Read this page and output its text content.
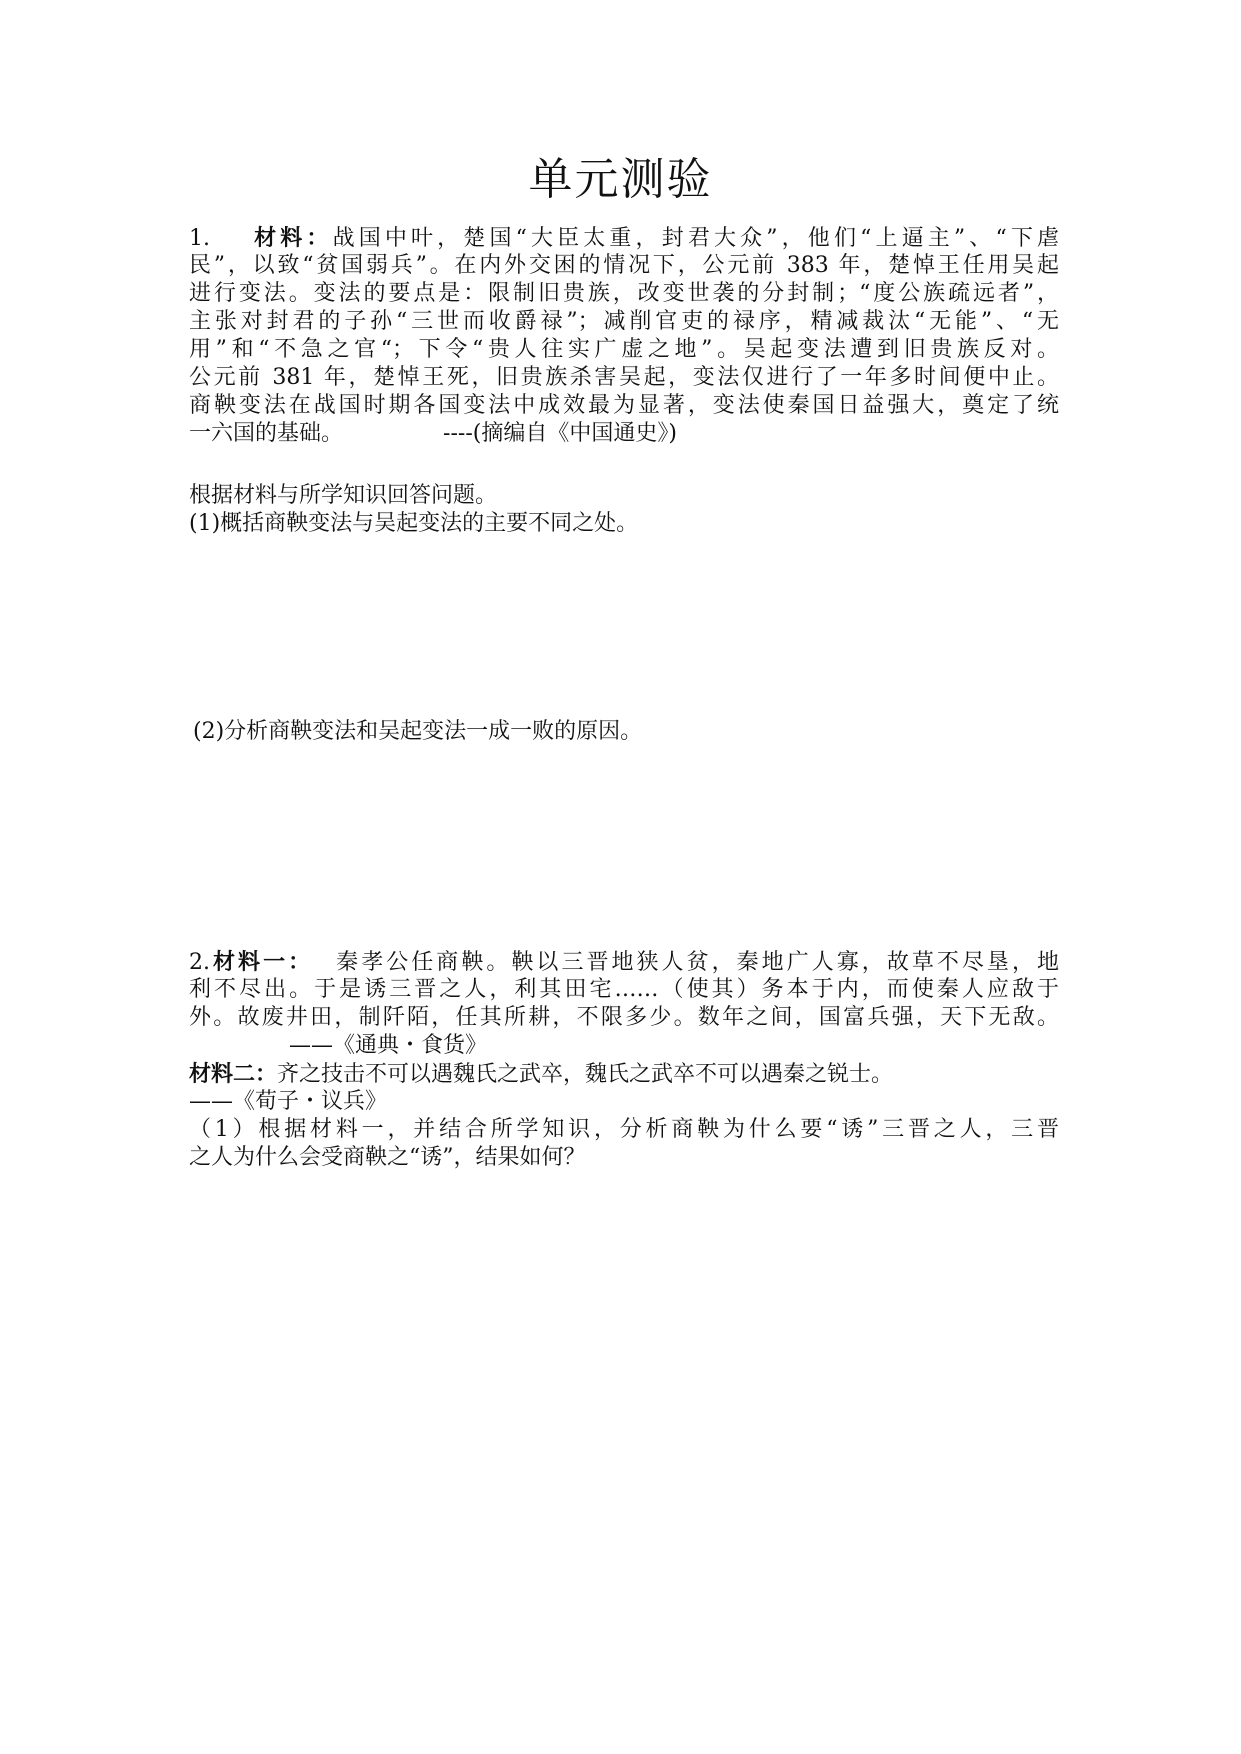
单元测验
1. 材料：战国中叶，楚国“大臣太重，封君大众”，他们“上逼主”、“下虐
民”，以致“贫国弱兵”。在内外交困的情况下，公元前 383 年，楚悼王任用吴起
进行变法。变法的要点是：限制旧贵族，改变世袭的分封制；“度公族疏远者”，
主张对封君的子孙“三世而收爵禄”；减削官吏的禄序，精减裁汰“无能”、“无
用”和“不急之官“；下令“贵人往实广虚之地”。吴起变法遭到旧贵族反对。
公元前 381 年，楚悼王死，旧贵族杀害吴起，变法仅进行了一年多时间便中止。
商鞅变法在战国时期各国变法中成效最为显著，变法使秦国日益强大，奠定了统
一六国的基础。	----(摘编自《中国通史》)
根据材料与所学知识回答问题。
(1)概括商鞅变法与吴起变法的主要不同之处。
(2)分析商鞅变法和吴起变法一成一败的原因。
2.材料一： 秦孝公任商鞅。鞅以三晋地狭人贫，秦地广人寡，故草不尽垦，地
利不尽出。于是诱三晋之人，利其田宅……（使其）务本于内，而使秦人应敌于
外。故废井田，制阡陌，任其所耕，不限多少。数年之间，国富兵强，天下无敌。
——《通典・食货》
材料二：齐之技击不可以遇魏氏之武卒，魏氏之武卒不可以遇秦之锐士。
——《荀子・议兵》
（1）根据材料一，并结合所学知识，分析商鞅为什么要“诱”三晋之人，三晋
之人为什么会受商鞅之“诱”，结果如何？
